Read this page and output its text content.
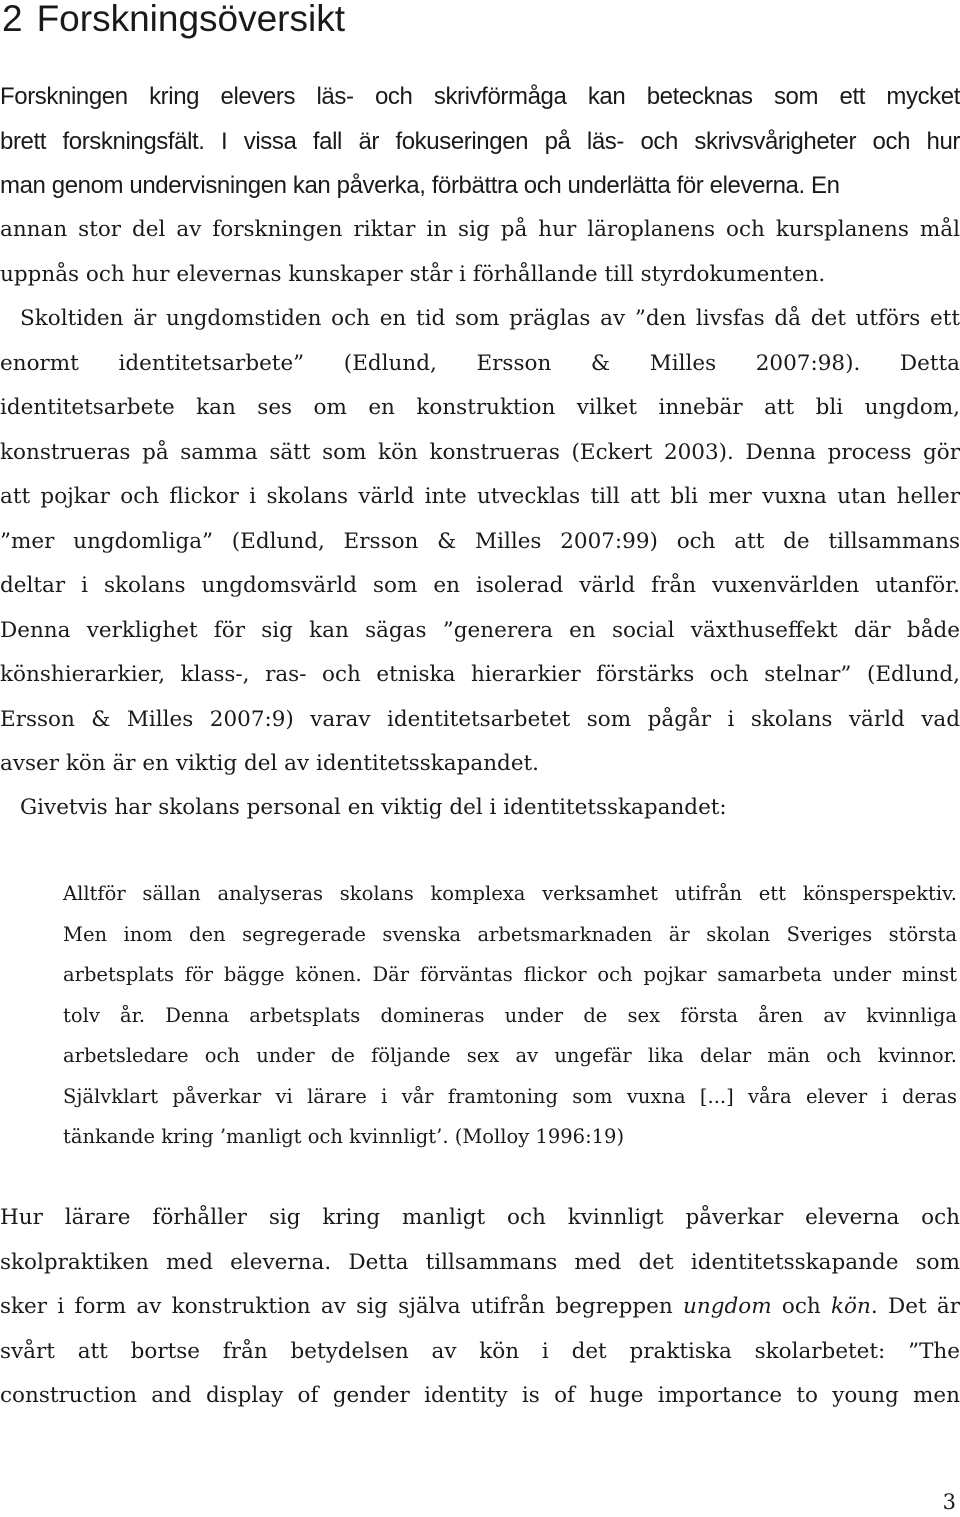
2 Forskningsöversikt
Forskningen kring elevers läs- och skrivförmåga kan betecknas som ett mycket
brett forskningsfält. I vissa fall är fokuseringen på läs- och skrivsvårigheter och hur
man genom undervisningen kan påverka, förbättra och underlätta för eleverna. En
annan stor del av forskningen riktar in sig på hur läroplanens och kursplanens mål
uppnås och hur elevernas kunskaper står i förhållande till styrdokumenten.
Skoltiden är ungdomstiden och en tid som präglas av ”den livsfas då det utförs ett
enormt identitetsarbete” (Edlund, Ersson & Milles 2007:98). Detta
identitetsarbete kan ses om en konstruktion vilket innebär att bli ungdom,
konstrueras på samma sätt som kön konstrueras (Eckert 2003). Denna process gör
att pojkar och flickor i skolans värld inte utvecklas till att bli mer vuxna utan heller
”mer ungdomliga” (Edlund, Ersson & Milles 2007:99) och att de tillsammans
deltar i skolans ungdomsvärld som en isolerad värld från vuxenvärlden utanför.
Denna verklighet för sig kan sägas ”generera en social växthuseffekt där både
könshierarkier, klass-, ras- och etniska hierarkier förstärks och stelnar” (Edlund,
Ersson & Milles 2007:9) varav identitetsarbetet som pågår i skolans värld vad
avser kön är en viktig del av identitetsskapandet.
Givetvis har skolans personal en viktig del i identitetsskapandet:
Alltför sällan analyseras skolans komplexa verksamhet utifrån ett könsperspektiv.
Men inom den segregerade svenska arbetsmarknaden är skolan Sveriges största
arbetsplats för bägge könen. Där förväntas flickor och pojkar samarbeta under minst
tolv år. Denna arbetsplats domineras under de sex första åren av kvinnliga
arbetsledare och under de följande sex av ungefär lika delar män och kvinnor.
Självklart påverkar vi lärare i vår framtoning som vuxna [...] våra elever i deras
tänkande kring ’manligt och kvinnligt’. (Molloy 1996:19)
Hur lärare förhåller sig kring manligt och kvinnligt påverkar eleverna och
skolpraktiken med eleverna. Detta tillsammans med det identitetsskapande som
sker i form av konstruktion av sig själva utifrån begreppen ungdom och kön. Det är
svårt att bortse från betydelsen av kön i det praktiska skolarbetet: ”The
construction and display of gender identity is of huge importance to young men
3
